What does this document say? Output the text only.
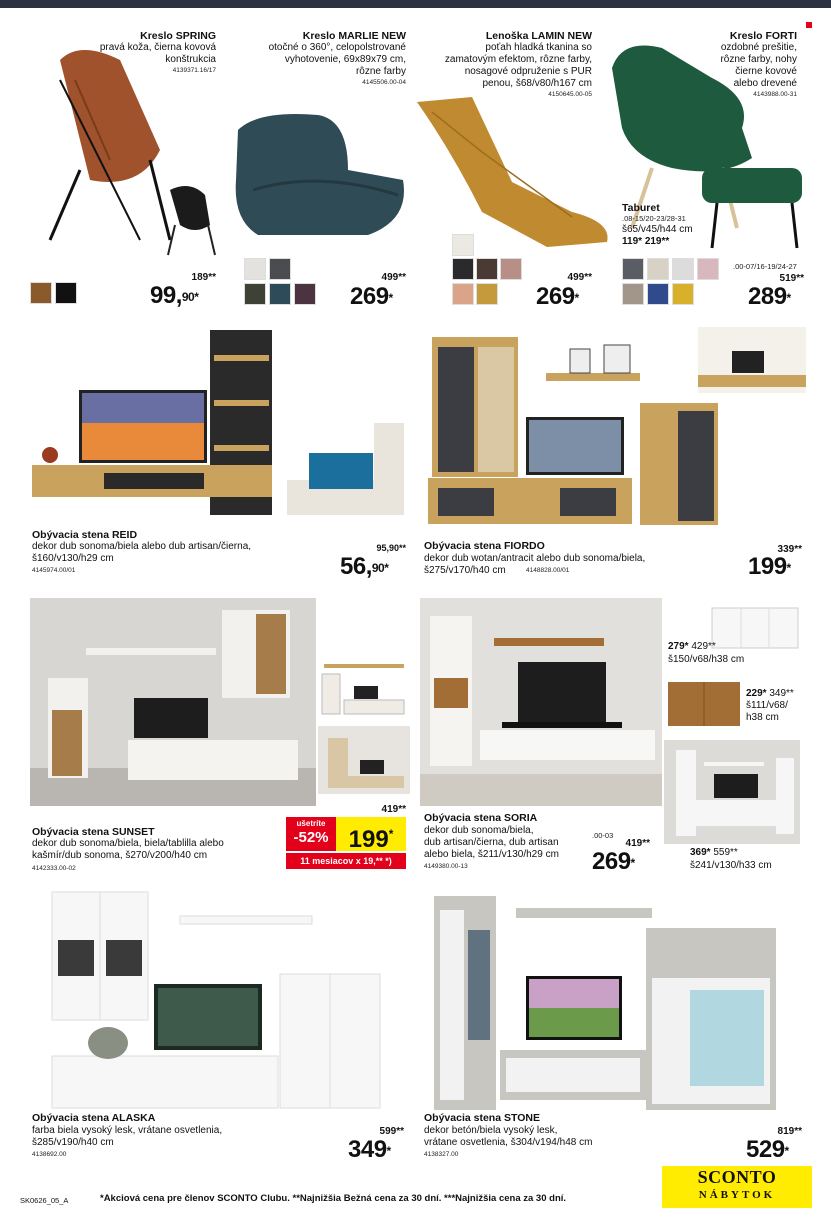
Kreslo SPRING
pravá koža, čierna kovová
konštrukcia
4139371.16/17
189**
99,$^{90*}$
Kreslo MARLIE NEW
otočné o 360°, celopolstrované
vyhotovenie, 69x89x79 cm,
rôzne farby
4145506.00-04
499**
269*
Lenoška LAMIN NEW
poťah hladká tkanina so
zamatovým efektom, rôzne farby,
nosagové odpruženie s PUR
penou, š68/v80/h167 cm
4150645.00-05
499**
269*
Kreslo FORTI
ozdobné prešitie,
rôzne farby, nohy
čierne kovové
alebo drevené
4143988.00-31
Taburet
.08-15/20-23/28-31
š65/v45/h44 cm
119* 219**
.00-07/16-19/24-27
519**
289*
Obývacia stena REID
dekor dub sonoma/biela alebo dub artisan/čierna,
š160/v130/h29 cm
4145974.00/01
95,90**
56,$^{90*}$
Obývacia stena FIORDO
dekor dub wotan/antracit alebo dub sonoma/biela,
š275/v170/h40 cm	4148828.00/01
339**
199*
Obývacia stena SUNSET
dekor dub sonoma/biela, biela/tablilla alebo
kašmír/dub sonoma, š270/v200/h40 cm
4142333.00-02
419**
ušetríte
-52% 199*
11 mesiacov x 19,** *)
Obývacia stena SORIA
dekor dub sonoma/biela,
dub artisan/čierna, dub artisan
alebo biela, š211/v130/h29 cm
4149380.00-13
.00-03
419**
269*
279* 429**
š150/v68/h38 cm
229* 349**
š111/v68/
h38 cm
369* 559**
š241/v130/h33 cm
Obývacia stena ALASKA
farba biela vysoký lesk, vrátane osvetlenia,
š285/v190/h40 cm
4138692.00
599**
349*
Obývacia stena STONE
dekor betón/biela vysoký lesk,
vrátane osvetlenia, š304/v194/h48 cm
4138327.00
819**
529*
SK0626_05_A	*Akciová cena pre členov SCONTO Clubu. **Najnižšia Bežná cena za 30 dní. ***Najnižšia cena za 30 dní.
SCONTO
NÁBYTOK
